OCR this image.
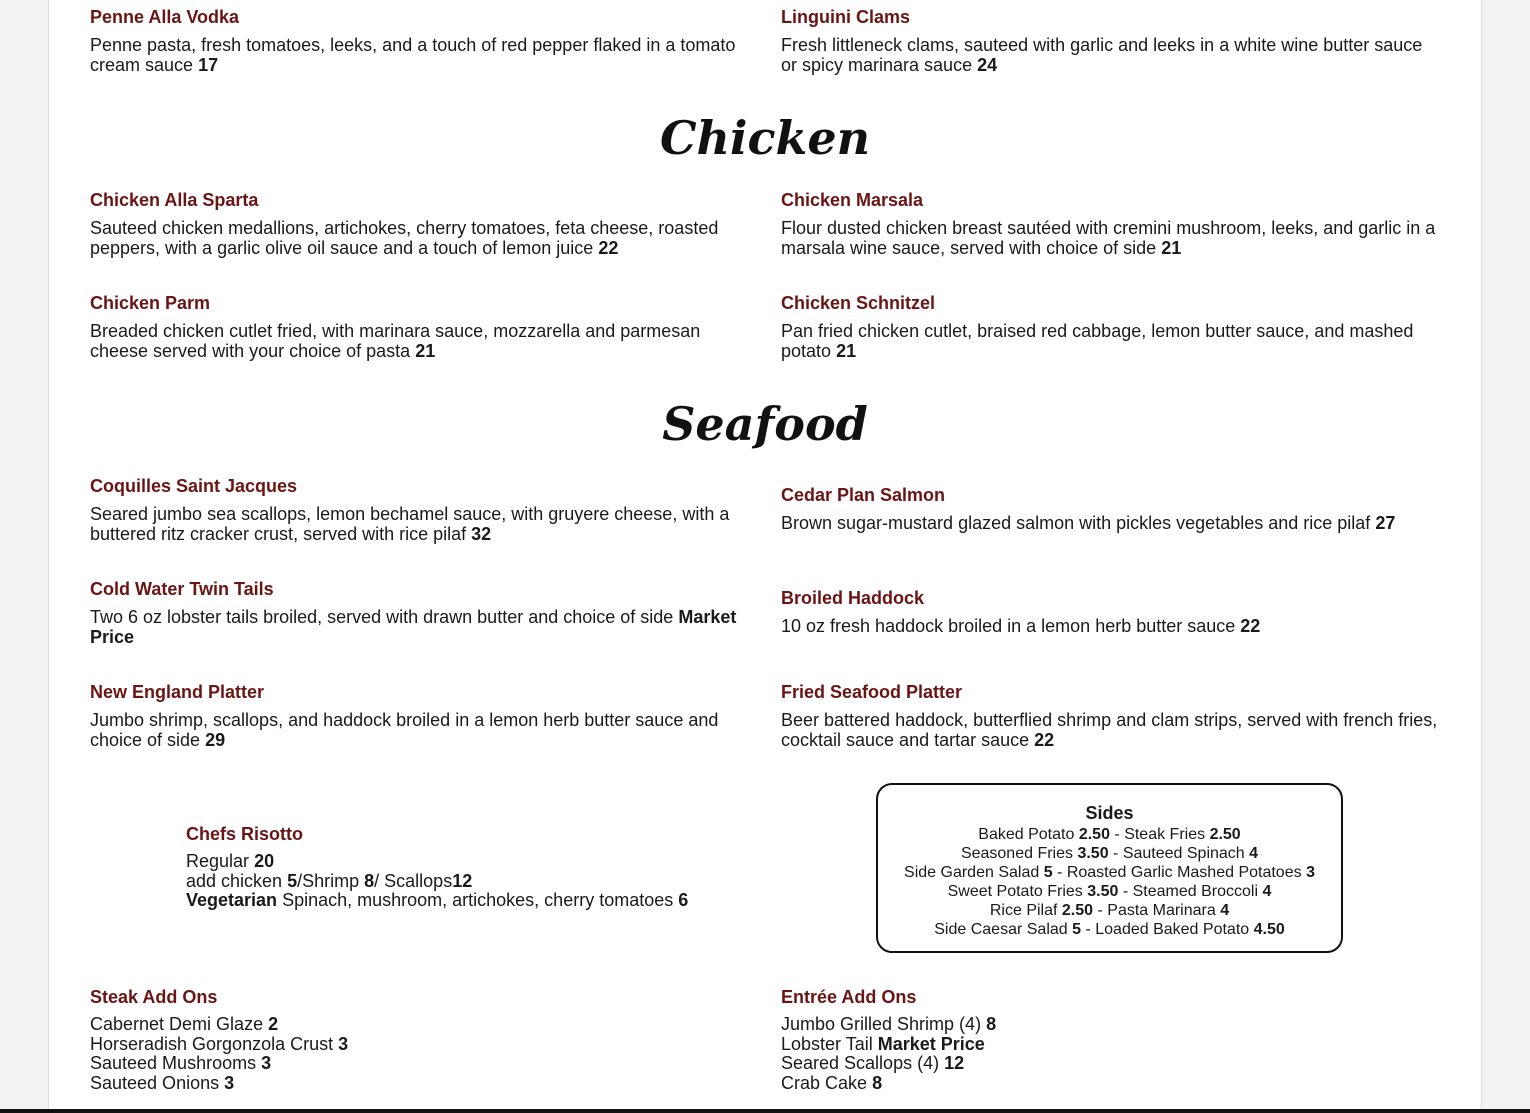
Penne Alla Vodka

Penne pasta, fresh tomatoes, leeks, and a touch of red pepper flaked in a tomato cream sauce 17

Linguini Clams

Fresh littleneck clams, sauteed with garlic and leeks in a white wine butter sauce or spicy marinara sauce 24

Chicken
Chicken Alla Sparta

Sauteed chicken medallions, artichokes, cherry tomatoes, feta cheese, roasted peppers, with a garlic olive oil sauce and a touch of lemon juice 22

Chicken Marsala

Flour dusted chicken breast sautéed with cremini mushroom, leeks, and garlic in a marsala wine sauce, served with choice of side 21

Chicken Parm

Breaded chicken cutlet fried, with marinara sauce, mozzarella and parmesan cheese served with your choice of pasta 21

Chicken Schnitzel

Pan fried chicken cutlet, braised red cabbage, lemon butter sauce, and mashed potato 21

Seafood
Coquilles Saint Jacques

Seared jumbo sea scallops, lemon bechamel sauce, with gruyere cheese, with a buttered ritz cracker crust, served with rice pilaf 32

Cedar Plan Salmon

Brown sugar-mustard glazed salmon with pickles vegetables and rice pilaf 27

Cold Water Twin Tails

Two 6 oz lobster tails broiled, served with drawn butter and choice of side Market Price

Broiled Haddock

10 oz fresh haddock broiled in a lemon herb butter sauce 22

New England Platter

Jumbo shrimp, scallops, and haddock broiled in a lemon herb butter sauce and choice of side 29

Fried Seafood Platter

Beer battered haddock, butterflied shrimp and clam strips, served with french fries, cocktail sauce and tartar sauce 22

Chefs Risotto
Regular 20
add chicken 5/Shrimp 8/ Scallops12
Vegetarian Spinach, mushroom, artichokes, cherry tomatoes 6
Sides
Baked Potato 2.50 - Steak Fries 2.50
Seasoned Fries 3.50 - Sauteed Spinach 4
Side Garden Salad 5 - Roasted Garlic Mashed Potatoes 3
Sweet Potato Fries 3.50 - Steamed Broccoli 4
Rice Pilaf 2.50 - Pasta Marinara 4
Side Caesar Salad 5 - Loaded Baked Potato 4.50
Steak Add Ons
Cabernet Demi Glaze 2
Horseradish Gorgonzola Crust 3
Sauteed Mushrooms 3
Sauteed Onions 3
Entrée Add Ons
Jumbo Grilled Shrimp (4) 8
Lobster Tail Market Price
Seared Scallops (4) 12
Crab Cake 8
